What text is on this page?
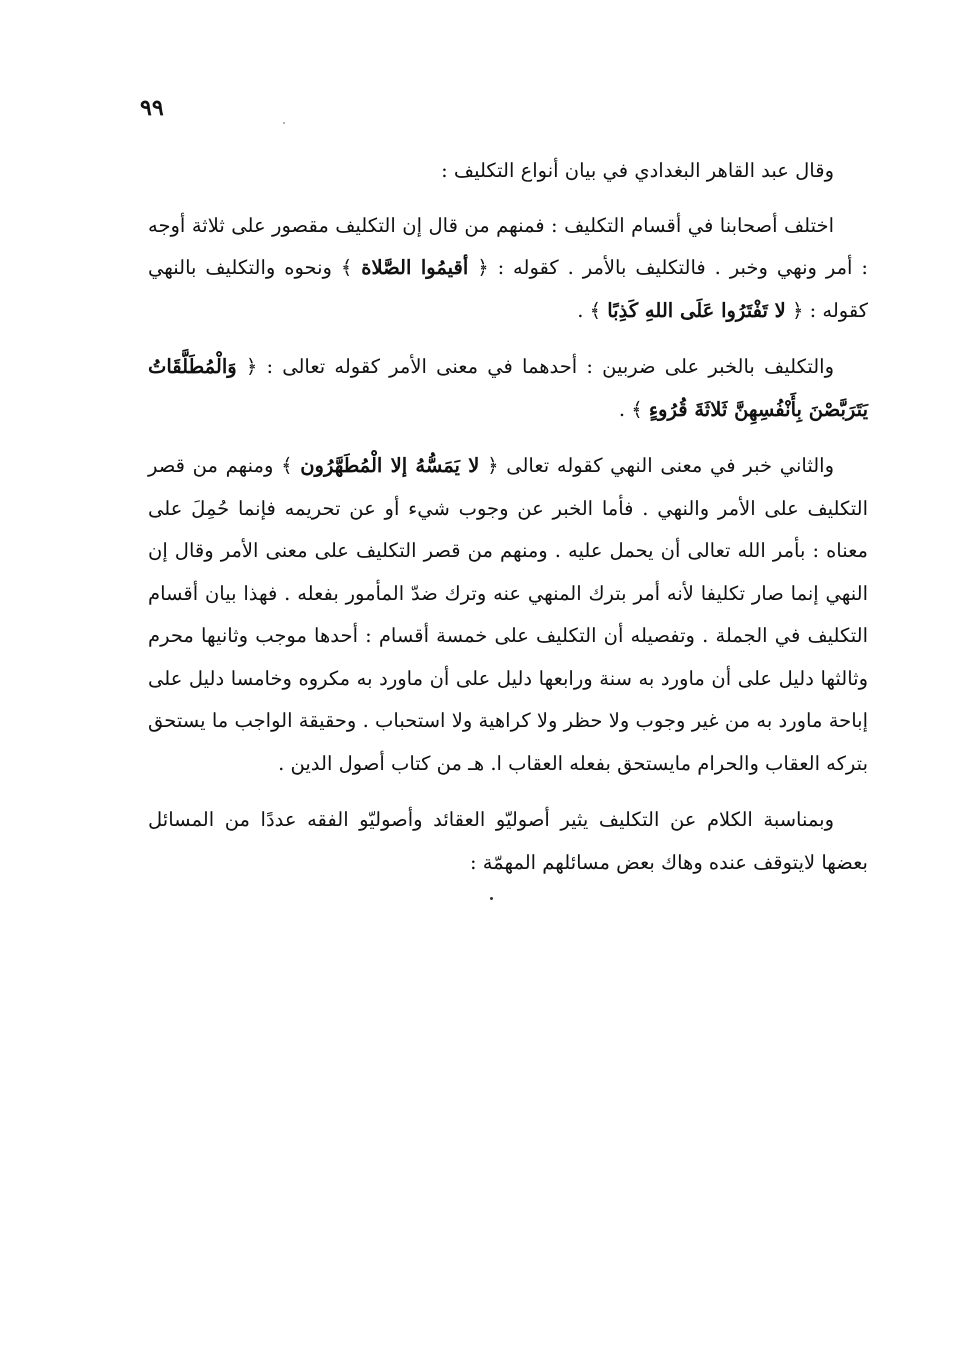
٩٩

وقال عبد القاهر البغدادي في بيان أنواع التكليف :

اختلف أصحابنا في أقسام التكليف : فمنهم من قال إن التكليف مقصور على ثلاثة أوجه : أمر ونهي وخبر . فالتكليف بالأمر . كقوله : ﴿ أقيمُوا الصَّلاة ﴾ ونحوه والتكليف بالنهي كقوله : ﴿ لا تَفْتَرُوا عَلَى اللهِ كَذِبًا ﴾ .

والتكليف بالخبر على ضربين : أحدهما في معنى الأمر كقوله تعالى : ﴿ وَالْمُطَلَّقَاتُ يَتَرَبَّصْنَ بِأَنْفُسِهِنَّ ثَلاثَةَ قُرُوءٍ ﴾ .

والثاني خبر في معنى النهي كقوله تعالى ﴿ لا يَمَسُّهُ إلا الْمُطَهَّرُون ﴾ ومنهم من قصر التكليف على الأمر والنهي . فأما الخبر عن وجوب شيء أو عن تحريمه فإنما حُمِلَ على معناه : بأمر الله تعالى أن يحمل عليه . ومنهم من قصر التكليف على معنى الأمر وقال إن النهي إنما صار تكليفا لأنه أمر بترك المنهي عنه وترك ضدّ المأمور بفعله . فهذا بيان أقسام التكليف في الجملة . وتفصيله أن التكليف على خمسة أقسام : أحدها موجب وثانيها محرم وثالثها دليل على أن ماورد به سنة ورابعها دليل على أن ماورد به مكروه وخامسا دليل على إباحة ماورد به من غير وجوب ولا حظر ولا كراهية ولا استحباب . وحقيقة الواجب ما يستحق بتركه العقاب والحرام مايستحق بفعله العقاب ا. هـ من كتاب أصول الدين .

وبمناسبة الكلام عن التكليف يثير أصوليّو العقائد وأصوليّو الفقه عددًا من المسائل بعضها لايتوقف عنده وهاك بعض مسائلهم المهمّة :
